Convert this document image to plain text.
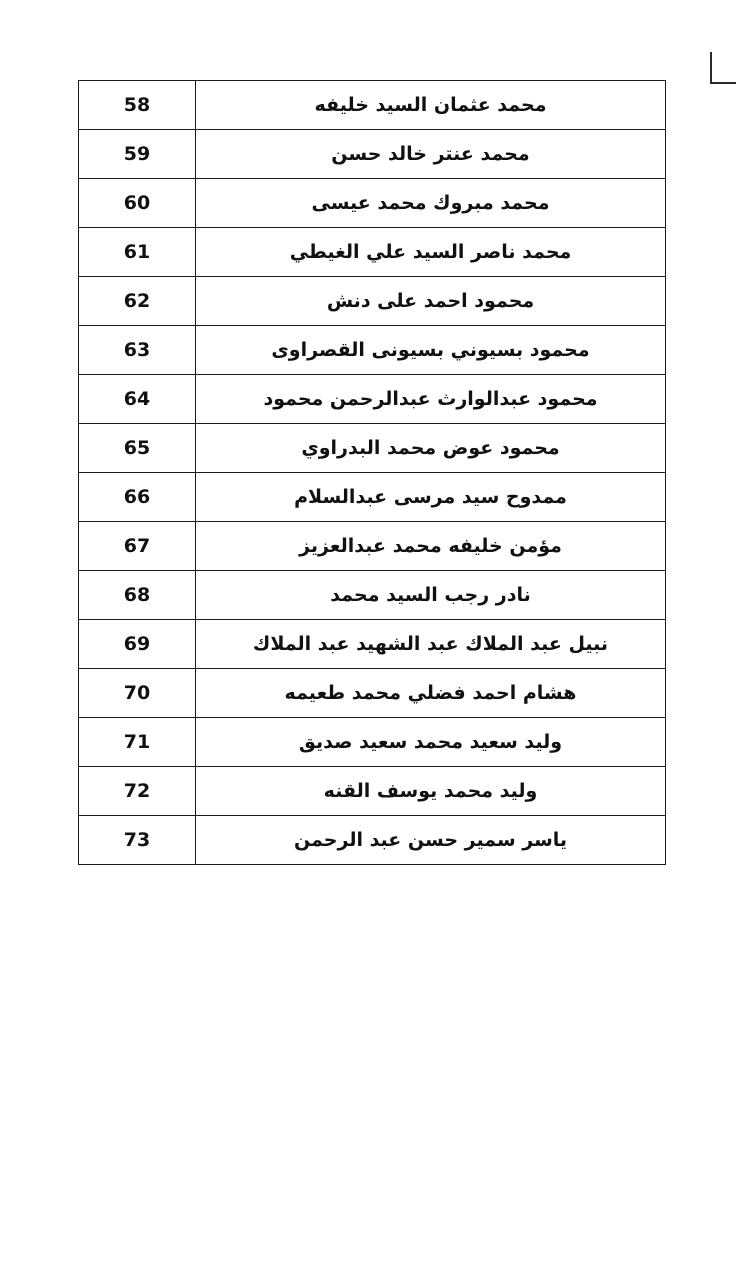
محمد عثمان السيد خليفه	58
محمد عنتر خالد حسن	59
محمد مبروك محمد عيسى	60
محمد ناصر السيد علي الغيطي	61
محمود احمد على دنش	62
محمود بسيوني بسيونى القصراوى	63
محمود عبدالوارث عبدالرحمن محمود	64
محمود عوض محمد البدراوي	65
ممدوح سيد مرسى عبدالسلام	66
مؤمن خليفه محمد عبدالعزيز	67
نادر رجب السيد محمد	68
نبيل عبد الملاك عبد الشهيد عبد الملاك	69
هشام احمد فضلي محمد طعيمه	70
وليد سعيد محمد سعيد صديق	71
وليد محمد يوسف القنه	72
ياسر سمير حسن عبد الرحمن	73
